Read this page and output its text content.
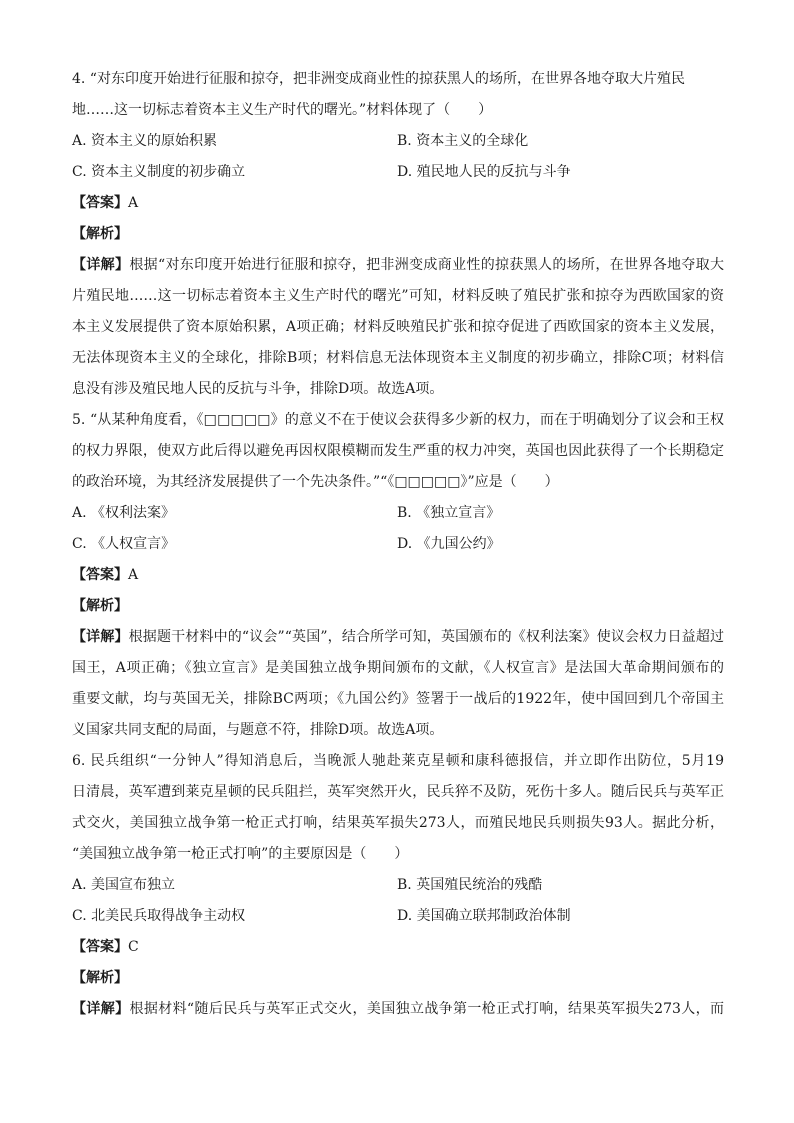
4. “对东印度开始进行征服和掠夺，把非洲变成商业性的掠获黑人的场所，在世界各地夺取大片殖民
地……这一切标志着资本主义生产时代的曙光。”材料体现了（　　）
A. 资本主义的原始积累	B. 资本主义的全球化
C. 资本主义制度的初步确立	D. 殖民地人民的反抗与斗争
【答案】A
【解析】
【详解】根据“对东印度开始进行征服和掠夺，把非洲变成商业性的掠获黑人的场所，在世界各地夺取大
片殖民地……这一切标志着资本主义生产时代的曙光”可知，材料反映了殖民扩张和掠夺为西欧国家的资
本主义发展提供了资本原始积累，A项正确；材料反映殖民扩张和掠夺促进了西欧国家的资本主义发展，
无法体现资本主义的全球化，排除B项；材料信息无法体现资本主义制度的初步确立，排除C项；材料信
息没有涉及殖民地人民的反抗与斗争，排除D项。故选A项。
5. “从某种角度看，《□□□□□》的意义不在于使议会获得多少新的权力，而在于明确划分了议会和王权
的权力界限，使双方此后得以避免再因权限模糊而发生严重的权力冲突，英国也因此获得了一个长期稳定
的政治环境，为其经济发展提供了一个先决条件。”“《□□□□□》”应是（　　）
A. 《权利法案》	B. 《独立宣言》
C. 《人权宣言》	D. 《九国公约》
【答案】A
【解析】
【详解】根据题干材料中的“议会”“英国”，结合所学可知，英国颁布的《权利法案》使议会权力日益超过
国王，A项正确；《独立宣言》是美国独立战争期间颁布的文献，《人权宣言》是法国大革命期间颁布的
重要文献，均与英国无关，排除BC两项；《九国公约》签署于一战后的1922年，使中国回到几个帝国主
义国家共同支配的局面，与题意不符，排除D项。故选A项。
6. 民兵组织“一分钟人”得知消息后，当晚派人驰赴莱克星顿和康科德报信，并立即作出防位，5月19
日清晨，英军遭到莱克星顿的民兵阻拦，英军突然开火，民兵猝不及防，死伤十多人。随后民兵与英军正
式交火，美国独立战争第一枪正式打响，结果英军损失273人，而殖民地民兵则损失93人。据此分析，
“美国独立战争第一枪正式打响”的主要原因是（　　）
A. 美国宣布独立	B. 英国殖民统治的残酷
C. 北美民兵取得战争主动权	D. 美国确立联邦制政治体制
【答案】C
【解析】
【详解】根据材料“随后民兵与英军正式交火，美国独立战争第一枪正式打响，结果英军损失273人，而
